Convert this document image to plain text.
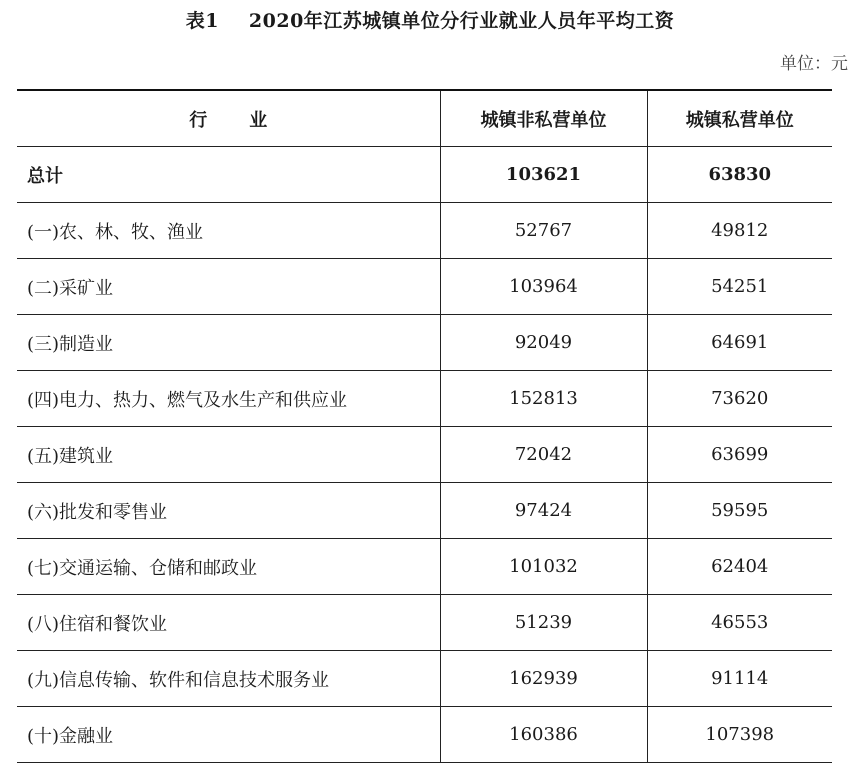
表1 2020年江苏城镇单位分行业就业人员年平均工资
单位：元
行业	城镇非私营单位	城镇私营单位
总计	103621	63830
(一)农、林、牧、渔业	52767	49812
(二)采矿业	103964	54251
(三)制造业	92049	64691
(四)电力、热力、燃气及水生产和供应业	152813	73620
(五)建筑业	72042	63699
(六)批发和零售业	97424	59595
(七)交通运输、仓储和邮政业	101032	62404
(八)住宿和餐饮业	51239	46553
(九)信息传输、软件和信息技术服务业	162939	91114
(十)金融业	160386	107398
